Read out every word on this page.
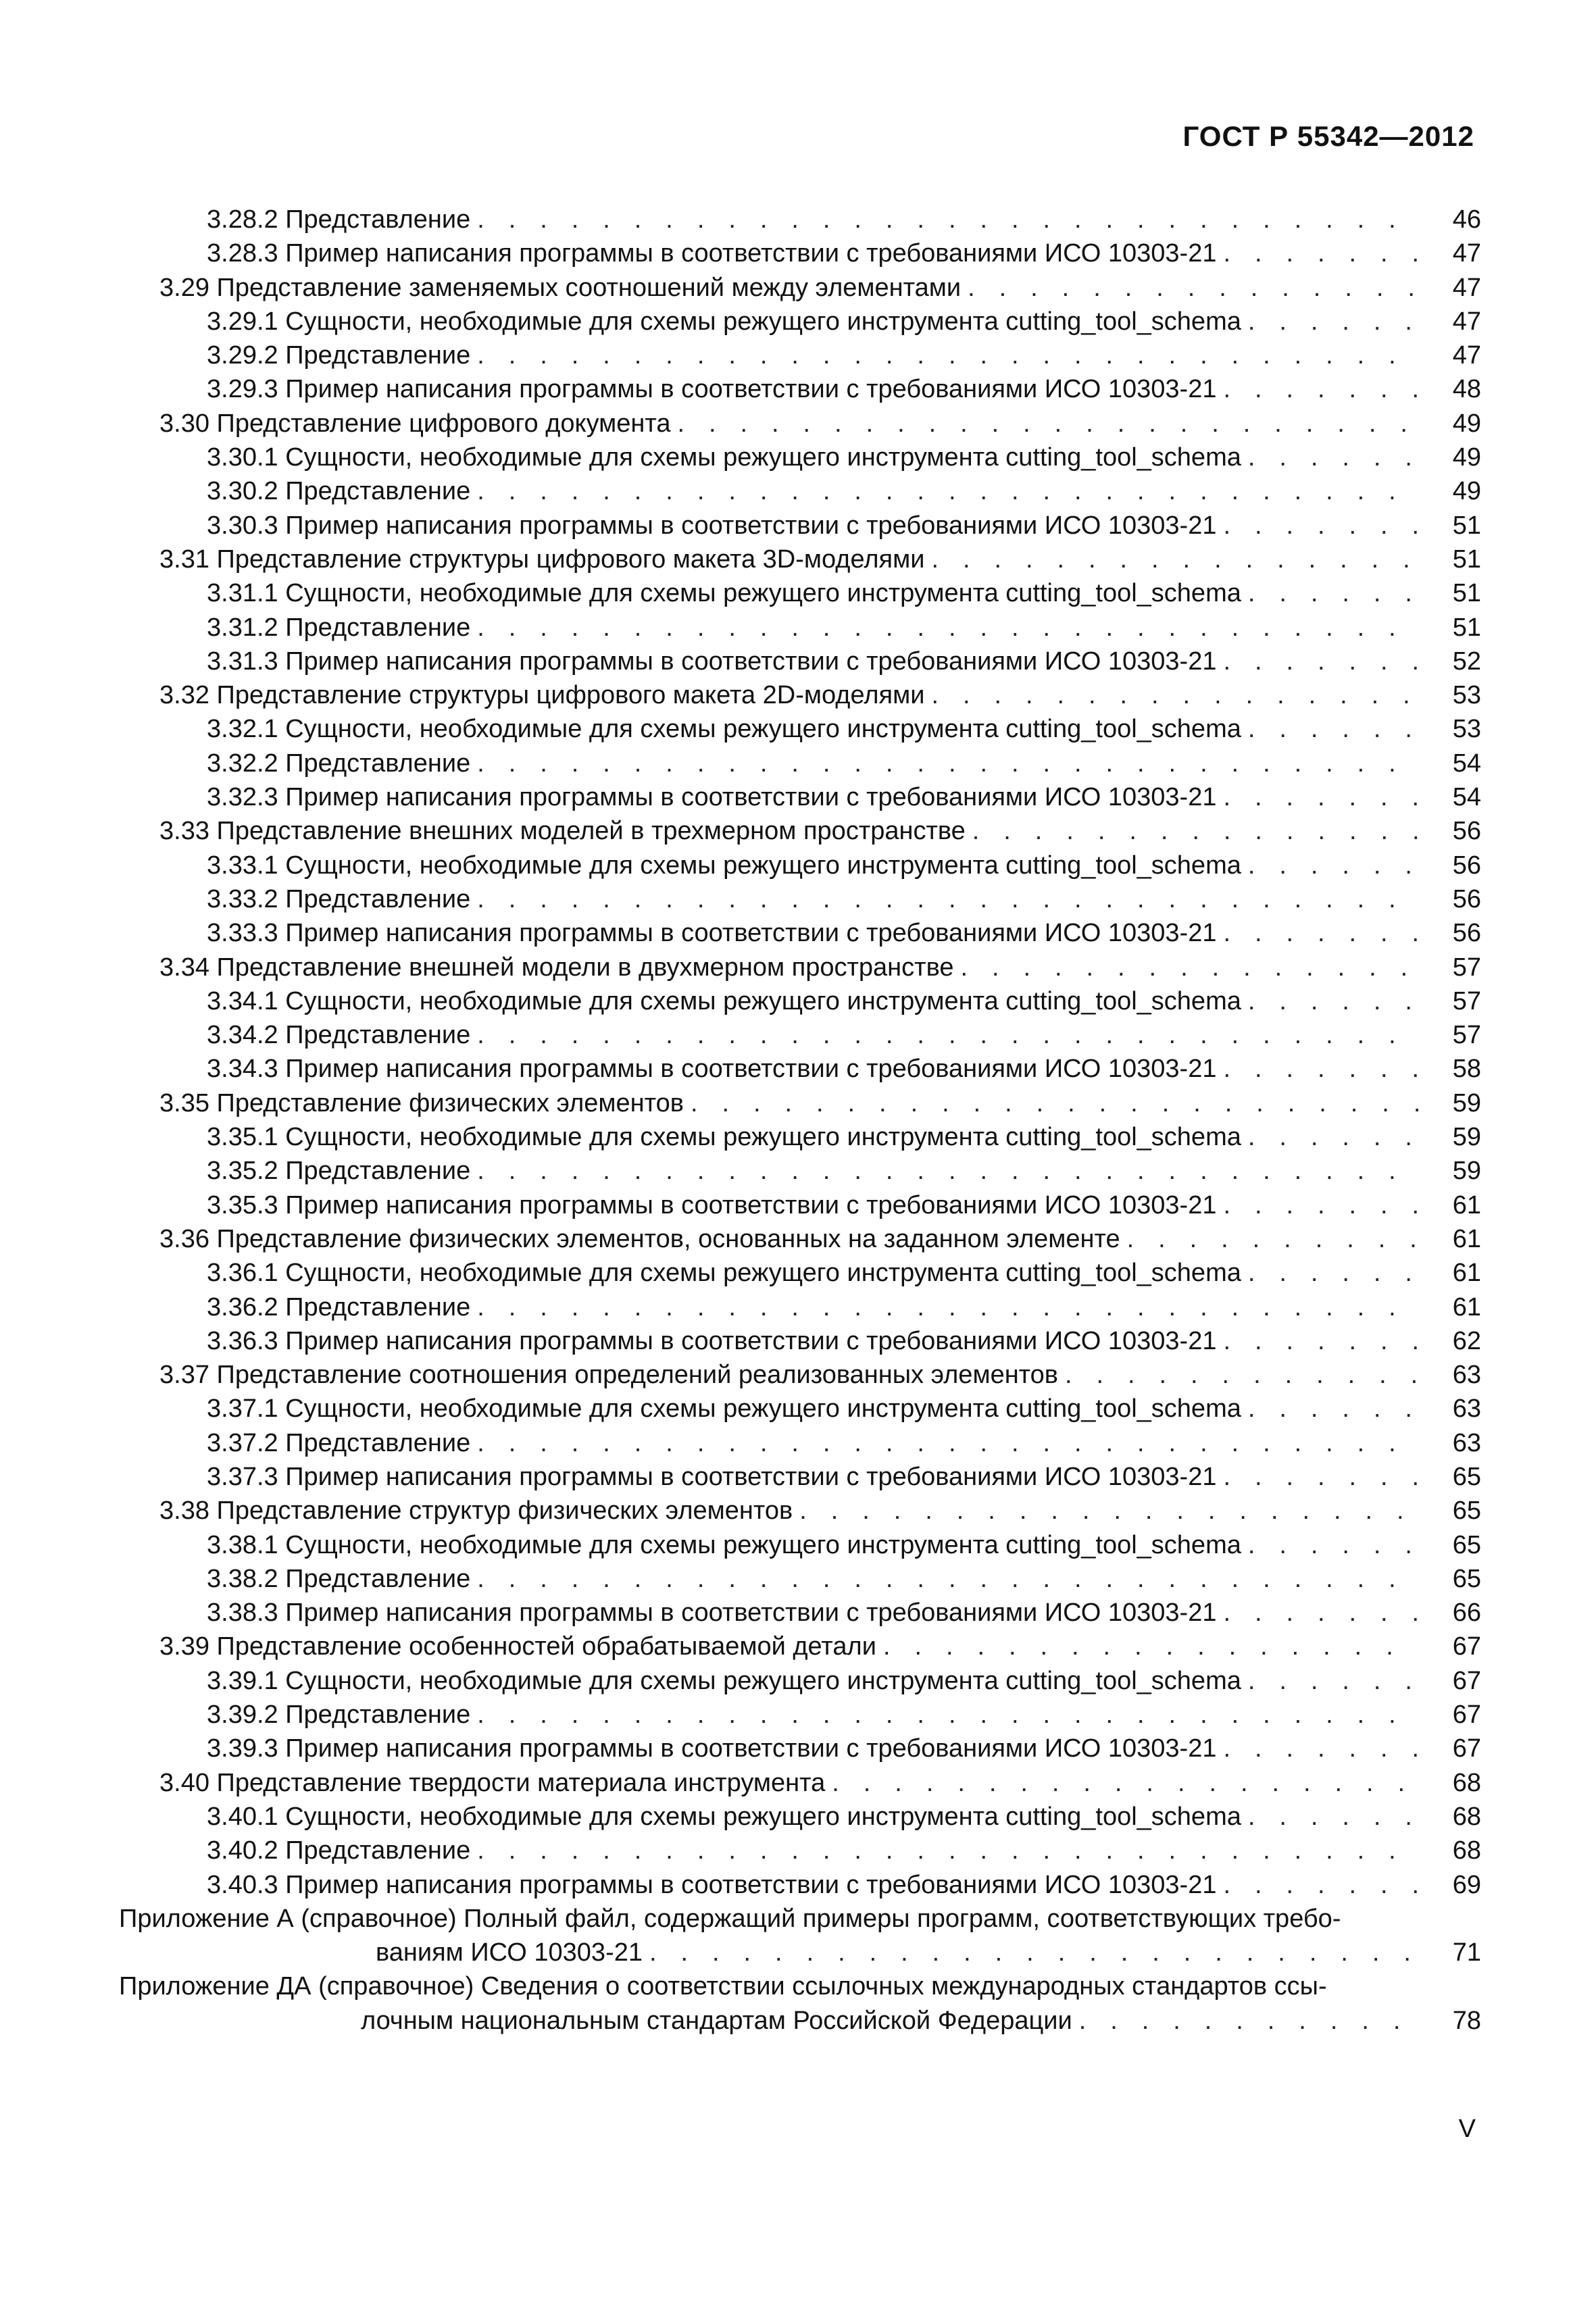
ГОСТ Р 55342—2012
3.28.2 Представление . . .	46
3.28.3 Пример написания программы в соответствии с требованиями ИСО 10303-21 . . .	47
3.29 Представление заменяемых соотношений между элементами . . .	47
3.29.1 Сущности, необходимые для схемы режущего инструмента cutting_tool_schema . . .	47
3.29.2 Представление . . .	47
3.29.3 Пример написания программы в соответствии с требованиями ИСО 10303-21 . . .	48
3.30 Представление цифрового документа . . .	49
3.30.1 Сущности, необходимые для схемы режущего инструмента cutting_tool_schema . . .	49
3.30.2 Представление . . .	49
3.30.3 Пример написания программы в соответствии с требованиями ИСО 10303-21 . . .	51
3.31 Представление структуры цифрового макета 3D-моделями . . .	51
3.31.1 Сущности, необходимые для схемы режущего инструмента cutting_tool_schema . . .	51
3.31.2 Представление . . .	51
3.31.3 Пример написания программы в соответствии с требованиями ИСО 10303-21 . . .	52
3.32 Представление структуры цифрового макета 2D-моделями . . .	53
3.32.1 Сущности, необходимые для схемы режущего инструмента cutting_tool_schema . . .	53
3.32.2 Представление . . .	54
3.32.3 Пример написания программы в соответствии с требованиями ИСО 10303-21 . . .	54
3.33 Представление внешних моделей в трехмерном пространстве . . .	56
3.33.1 Сущности, необходимые для схемы режущего инструмента cutting_tool_schema . . .	56
3.33.2 Представление . . .	56
3.33.3 Пример написания программы в соответствии с требованиями ИСО 10303-21 . . .	56
3.34 Представление внешней модели в двухмерном пространстве . . .	57
3.34.1 Сущности, необходимые для схемы режущего инструмента cutting_tool_schema . . .	57
3.34.2 Представление . . .	57
3.34.3 Пример написания программы в соответствии с требованиями ИСО 10303-21 . . .	58
3.35 Представление физических элементов . . .	59
3.35.1 Сущности, необходимые для схемы режущего инструмента cutting_tool_schema . . .	59
3.35.2 Представление . . .	59
3.35.3 Пример написания программы в соответствии с требованиями ИСО 10303-21 . . .	61
3.36 Представление физических элементов, основанных на заданном элементе . . .	61
3.36.1 Сущности, необходимые для схемы режущего инструмента cutting_tool_schema . . .	61
3.36.2 Представление . . .	61
3.36.3 Пример написания программы в соответствии с требованиями ИСО 10303-21 . . .	62
3.37 Представление соотношения определений реализованных элементов . . .	63
3.37.1 Сущности, необходимые для схемы режущего инструмента cutting_tool_schema . . .	63
3.37.2 Представление . . .	63
3.37.3 Пример написания программы в соответствии с требованиями ИСО 10303-21 . . .	65
3.38 Представление структур физических элементов . . .	65
3.38.1 Сущности, необходимые для схемы режущего инструмента cutting_tool_schema . . .	65
3.38.2 Представление . . .	65
3.38.3 Пример написания программы в соответствии с требованиями ИСО 10303-21 . . .	66
3.39 Представление особенностей обрабатываемой детали . . .	67
3.39.1 Сущности, необходимые для схемы режущего инструмента cutting_tool_schema . . .	67
3.39.2 Представление . . .	67
3.39.3 Пример написания программы в соответствии с требованиями ИСО 10303-21 . . .	67
3.40 Представление твердости материала инструмента . . .	68
3.40.1 Сущности, необходимые для схемы режущего инструмента cutting_tool_schema . . .	68
3.40.2 Представление . . .	68
3.40.3 Пример написания программы в соответствии с требованиями ИСО 10303-21 . . .	69
Приложение А (справочное) Полный файл, содержащий примеры программ, соответствующих требо-
ваниям ИСО 10303-21 . . .	71
Приложение ДА (справочное) Сведения о соответствии ссылочных международных стандартов ссы-
лочным национальным стандартам Российской Федерации . . .	78
V
